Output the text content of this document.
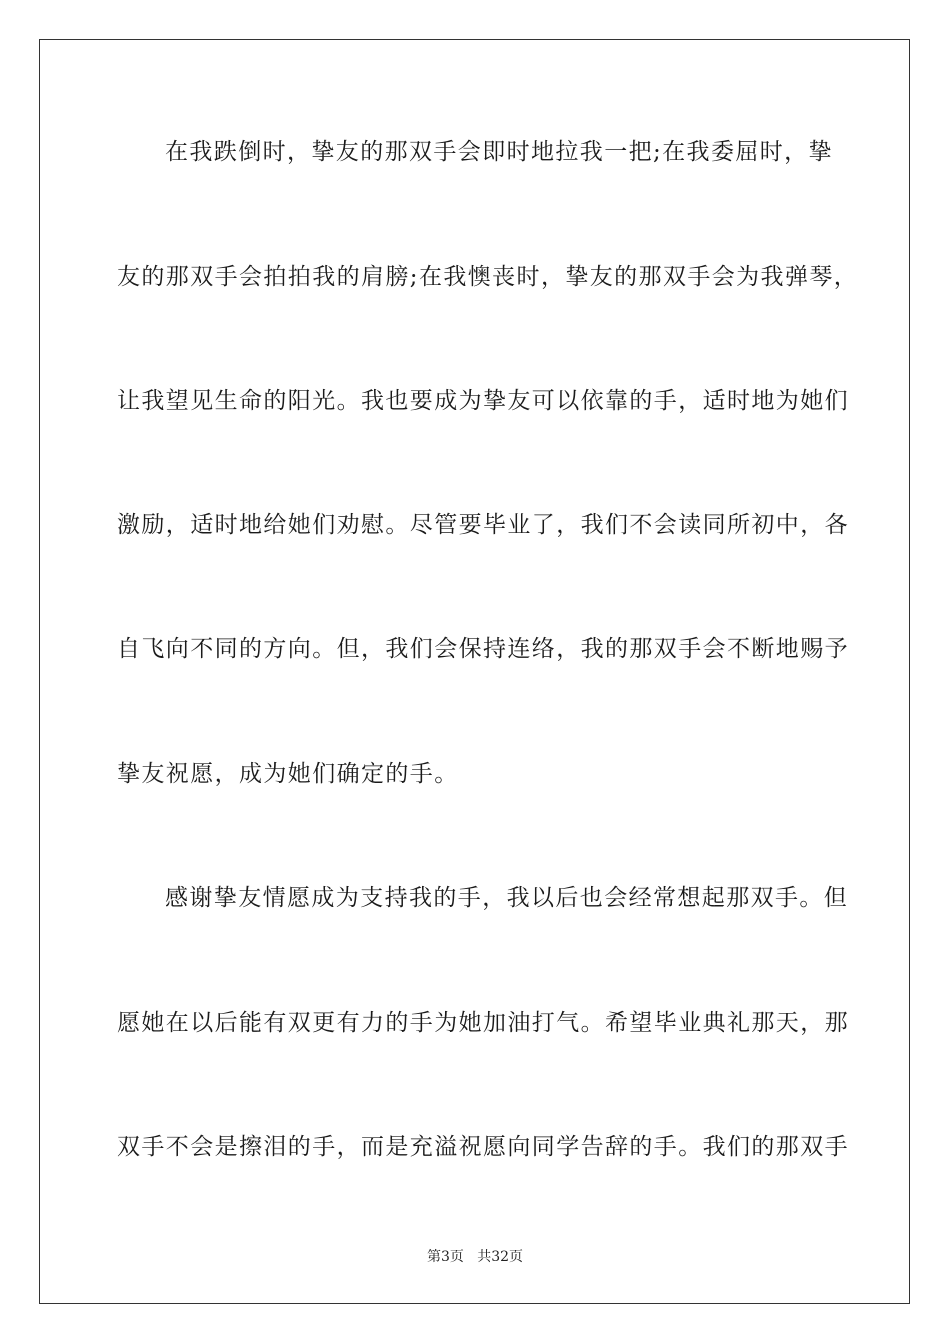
在我跌倒时，挚友的那双手会即时地拉我一把;在我委屈时，挚
友的那双手会拍拍我的肩膀;在我懊丧时，挚友的那双手会为我弹琴，
让我望见生命的阳光。我也要成为挚友可以依靠的手，适时地为她们
激励，适时地给她们劝慰。尽管要毕业了，我们不会读同所初中，各
自飞向不同的方向。但，我们会保持连络，我的那双手会不断地赐予
挚友祝愿，成为她们确定的手。
感谢挚友情愿成为支持我的手，我以后也会经常想起那双手。但
愿她在以后能有双更有力的手为她加油打气。希望毕业典礼那天，那
双手不会是擦泪的手，而是充溢祝愿向同学告辞的手。我们的那双手
第3页   共32页
